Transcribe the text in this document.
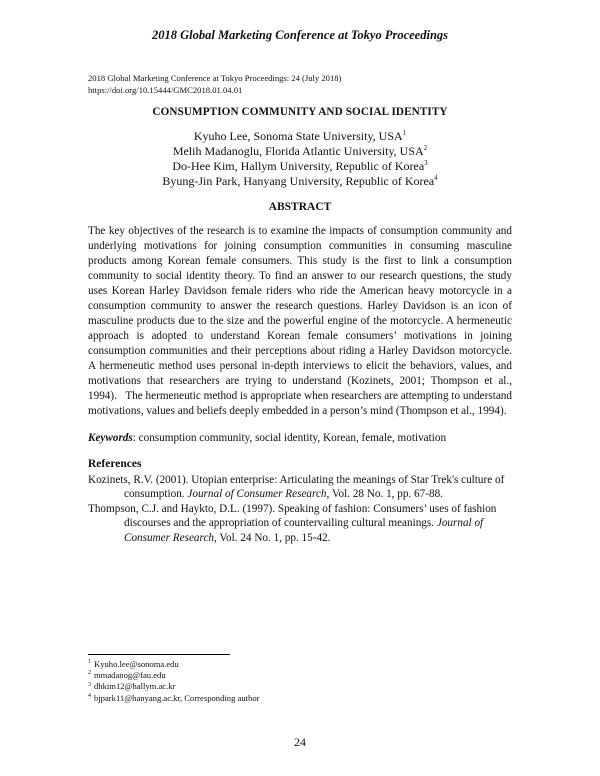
2018 Global Marketing Conference at Tokyo Proceedings
2018 Global Marketing Conference at Tokyo Proceedings: 24 (July 2018)
https://doi.org/10.15444/GMC2018.01.04.01
CONSUMPTION COMMUNITY AND SOCIAL IDENTITY
Kyuho Lee, Sonoma State University, USA$^1$
Melih Madanoglu, Florida Atlantic University, USA$^2$
Do-Hee Kim, Hallym University, Republic of Korea$^3$
Byung-Jin Park, Hanyang University, Republic of Korea$^4$
ABSTRACT
The key objectives of the research is to examine the impacts of consumption community and underlying motivations for joining consumption communities in consuming masculine products among Korean female consumers. This study is the first to link a consumption community to social identity theory. To find an answer to our research questions, the study uses Korean Harley Davidson female riders who ride the American heavy motorcycle in a consumption community to answer the research questions. Harley Davidson is an icon of masculine products due to the size and the powerful engine of the motorcycle. A hermeneutic approach is adopted to understand Korean female consumers’ motivations in joining consumption communities and their perceptions about riding a Harley Davidson motorcycle. A hermeneutic method uses personal in-depth interviews to elicit the behaviors, values, and motivations that researchers are trying to understand (Kozinets, 2001; Thompson et al., 1994).   The hermeneutic method is appropriate when researchers are attempting to understand motivations, values and beliefs deeply embedded in a person’s mind (Thompson et al., 1994).
Keywords: consumption community, social identity, Korean, female, motivation
References

Kozinets, R.V. (2001). Utopian enterprise: Articulating the meanings of Star Trek's culture of consumption. Journal of Consumer Research, Vol. 28 No. 1, pp. 67-88.

Thompson, C.J. and Haykto, D.L. (1997). Speaking of fashion: Consumers’ uses of fashion discourses and the appropriation of countervailing cultural meanings. Journal of Consumer Research, Vol. 24 No. 1, pp. 15-42.

$^1$ Kyuho.lee@sonoma.edu
$^2$ mmadanog@fau.edu
$^3$ dhkim12@hallym.ac.kr
$^4$ bjpark11@hanyang.ac.kr, Corresponding author
24
